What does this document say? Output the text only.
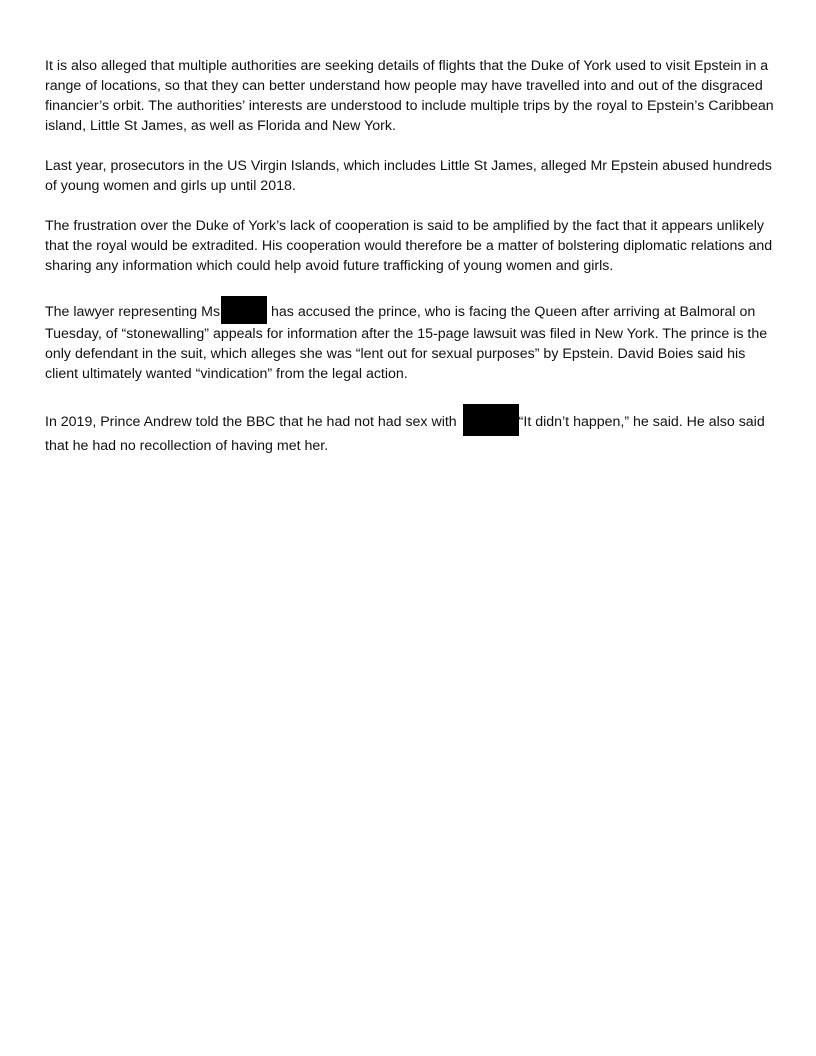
It is also alleged that multiple authorities are seeking details of flights that the Duke of York used to visit Epstein in a range of locations, so that they can better understand how people may have travelled into and out of the disgraced financier’s orbit. The authorities’ interests are understood to include multiple trips by the royal to Epstein’s Caribbean island, Little St James, as well as Florida and New York.

Last year, prosecutors in the US Virgin Islands, which includes Little St James, alleged Mr Epstein abused hundreds of young women and girls up until 2018.

The frustration over the Duke of York’s lack of cooperation is said to be amplified by the fact that it appears unlikely that the royal would be extradited. His cooperation would therefore be a matter of bolstering diplomatic relations and sharing any information which could help avoid future trafficking of young women and girls.

The lawyer representing Ms	has accused the prince, who is facing the Queen after arriving at Balmoral on Tuesday, of “stonewalling” appeals for information after the 15-page lawsuit was filed in New York. The prince is the only defendant in the suit, which alleges she was “lent out for sexual purposes” by Epstein. David Boies said his client ultimately wanted “vindication” from the legal action.

In 2019, Prince Andrew told the BBC that he had not had sex with	“It didn’t happen,” he said. He also said that he had no recollection of having met her.
